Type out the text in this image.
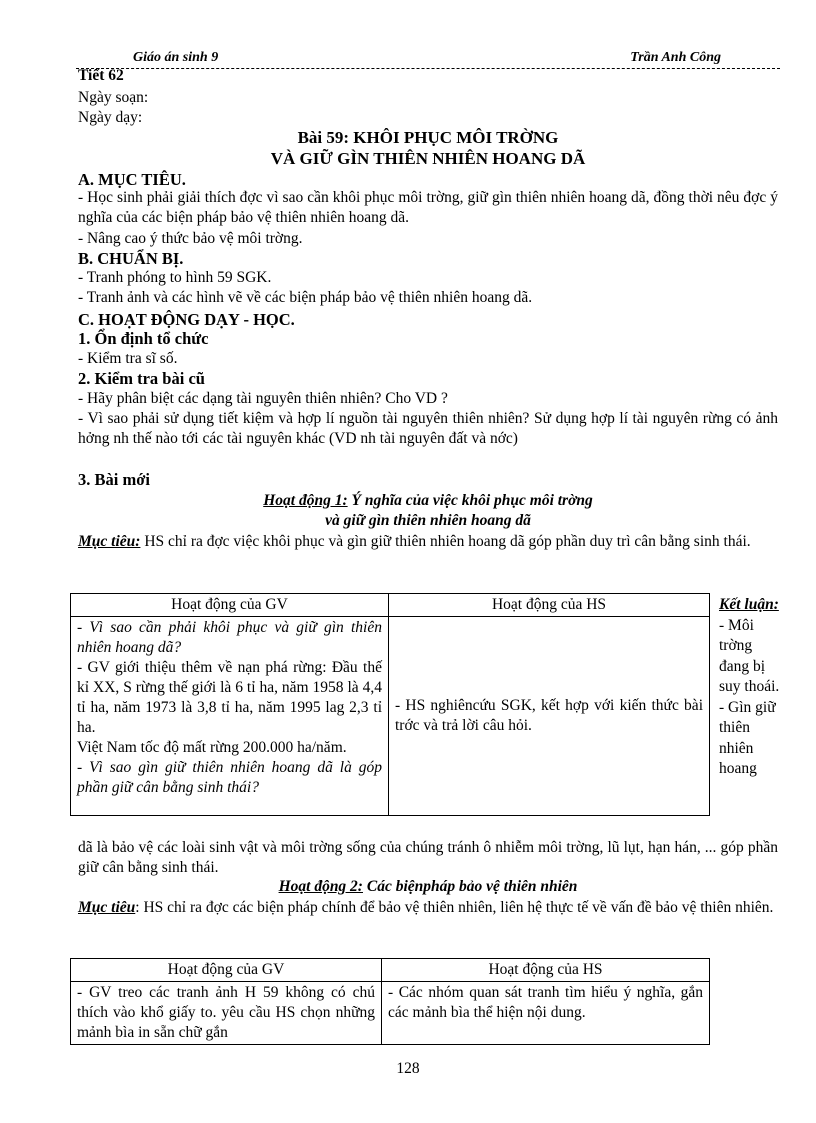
Giáo án sinh 9	Trần Anh Công
Tiết 62
Ngày soạn:
Ngày dạy:
Bài 59: KHÔI PHỤC MÔI TRỜNG
VÀ GIỮ GÌN THIÊN NHIÊN HOANG DÃ
A. MỤC TIÊU.
- Học sinh phải giải thích đợc vì sao cần khôi phục môi trờng, giữ gìn thiên nhiên hoang dã, đồng thời nêu đợc ý nghĩa của các biện pháp bảo vệ thiên nhiên hoang dã.
- Nâng cao ý thức bảo vệ môi trờng.
B. CHUẨN BỊ.
- Tranh phóng to hình 59 SGK.
- Tranh ảnh và các hình vẽ về các biện pháp bảo vệ thiên nhiên hoang dã.
C. HOẠT ĐỘNG DẠY - HỌC.
1. Ổn định tổ chức
- Kiểm tra sĩ số.
2. Kiểm tra bài cũ
- Hãy phân biệt các dạng tài nguyên thiên nhiên? Cho VD ?
- Vì sao phải sử dụng tiết kiệm và hợp lí nguồn tài nguyên thiên nhiên? Sử dụng hợp lí tài nguyên rừng có ảnh hởng nh thế nào tới các tài nguyên khác (VD nh tài nguyên đất và nớc)
3. Bài mới
Hoạt động 1: Ý nghĩa của việc khôi phục môi trờng
và giữ gìn thiên nhiên hoang dã
Mục tiêu: HS chỉ ra đợc việc khôi phục và gìn giữ thiên nhiên hoang dã góp phần duy trì cân bằng sinh thái.
Hoạt động của GV	Hoạt động của HS

- Vì sao cần phải khôi phục và giữ gìn thiên nhiên hoang dã?
- GV giới thiệu thêm về nạn phá rừng: Đầu thế kỉ XX, S rừng thế giới là 6 tỉ ha, năm 1958 là 4,4 tỉ ha, năm 1973 là 3,8 tỉ ha, năm 1995 lag 2,3 tỉ ha.
Việt Nam tốc độ mất rừng 200.000 ha/năm.
- Vì sao gìn giữ thiên nhiên hoang dã là góp phần giữ cân bằng sinh thái?	- HS nghiêncứu SGK, kết hợp với kiến thức bài trớc và trả lời câu hỏi.
Kết luận:
- Môi trờng đang bị suy thoái. - Gìn giữ thiên nhiên hoang
dã là bảo vệ các loài sinh vật và môi trờng sống của chúng tránh ô nhiễm môi trờng, lũ lụt, hạn hán, ... góp phần giữ cân bằng sinh thái.
Hoạt động 2: Các biệnpháp bảo vệ thiên nhiên
Mục tiêu: HS chỉ ra đợc các biện pháp chính để bảo vệ thiên nhiên, liên hệ thực tế về vấn đề bảo vệ thiên nhiên.
Hoạt động của GV	Hoạt động của HS

- GV treo các tranh ảnh H 59 không có chú thích vào khổ giấy to. yêu cầu HS chọn những mảnh bìa in sẵn chữ gắn	- Các nhóm quan sát tranh tìm hiểu ý nghĩa, gắn các mảnh bìa thể hiện nội dung.
128
